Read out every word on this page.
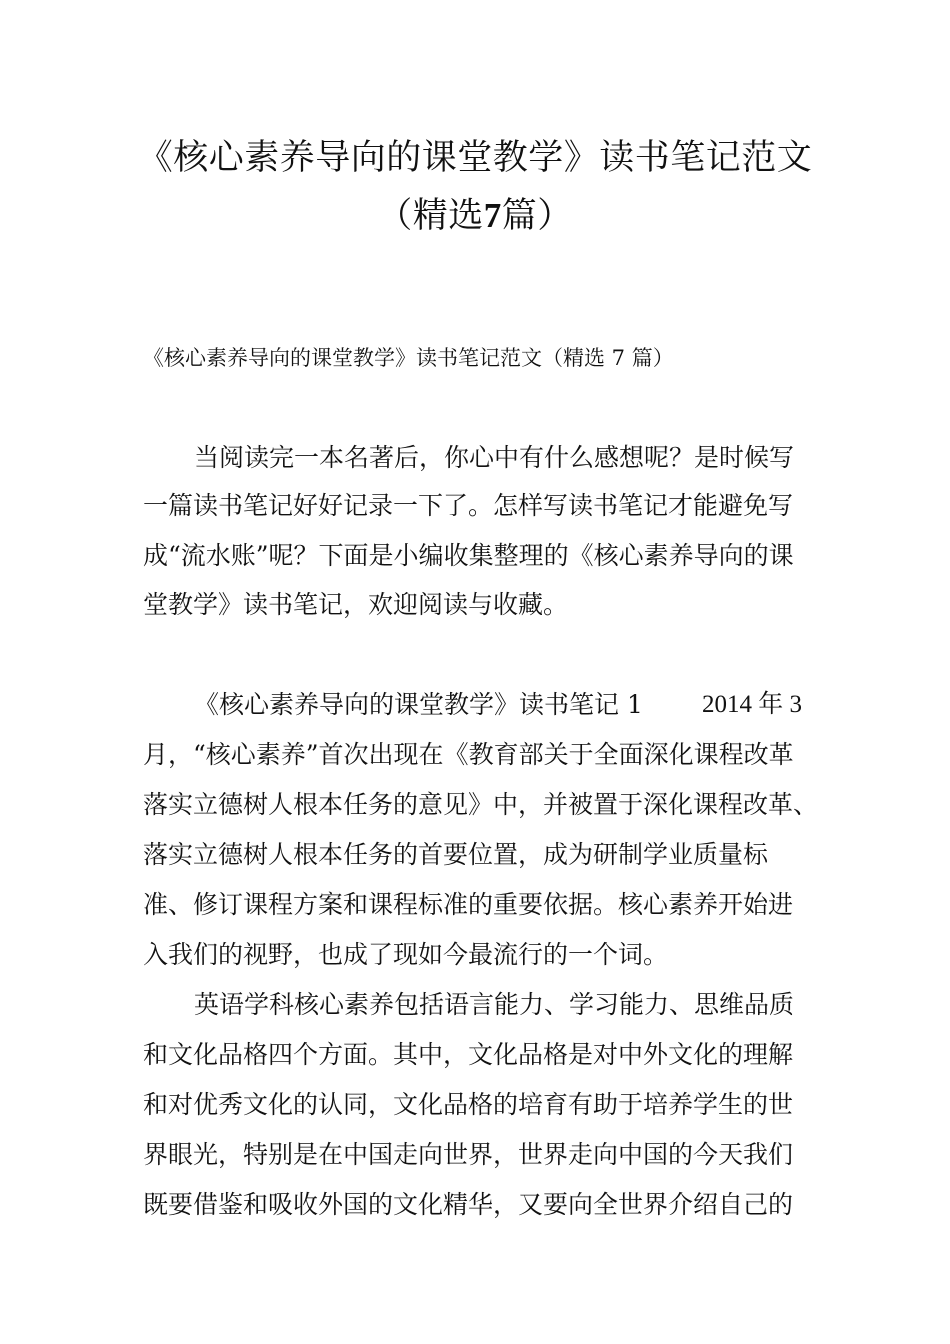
《核心素养导向的课堂教学》读书笔记范文
（精选7篇）
《核心素养导向的课堂教学》读书笔记范文（精选 7 篇）
当阅读完一本名著后，你心中有什么感想呢？是时候写
一篇读书笔记好好记录一下了。怎样写读书笔记才能避免写
成“流水账”呢？下面是小编收集整理的《核心素养导向的课
堂教学》读书笔记，欢迎阅读与收藏。
《核心素养导向的课堂教学》读书笔记 1 2014 年 3
月，“核心素养”首次出现在《教育部关于全面深化课程改革
落实立德树人根本任务的意见》中，并被置于深化课程改革、
落实立德树人根本任务的首要位置，成为研制学业质量标
准、修订课程方案和课程标准的重要依据。核心素养开始进
入我们的视野，也成了现如今最流行的一个词。
英语学科核心素养包括语言能力、学习能力、思维品质
和文化品格四个方面。其中，文化品格是对中外文化的理解
和对优秀文化的认同，文化品格的培育有助于培养学生的世
界眼光，特别是在中国走向世界，世界走向中国的今天我们
既要借鉴和吸收外国的文化精华，又要向全世界介绍自己的
